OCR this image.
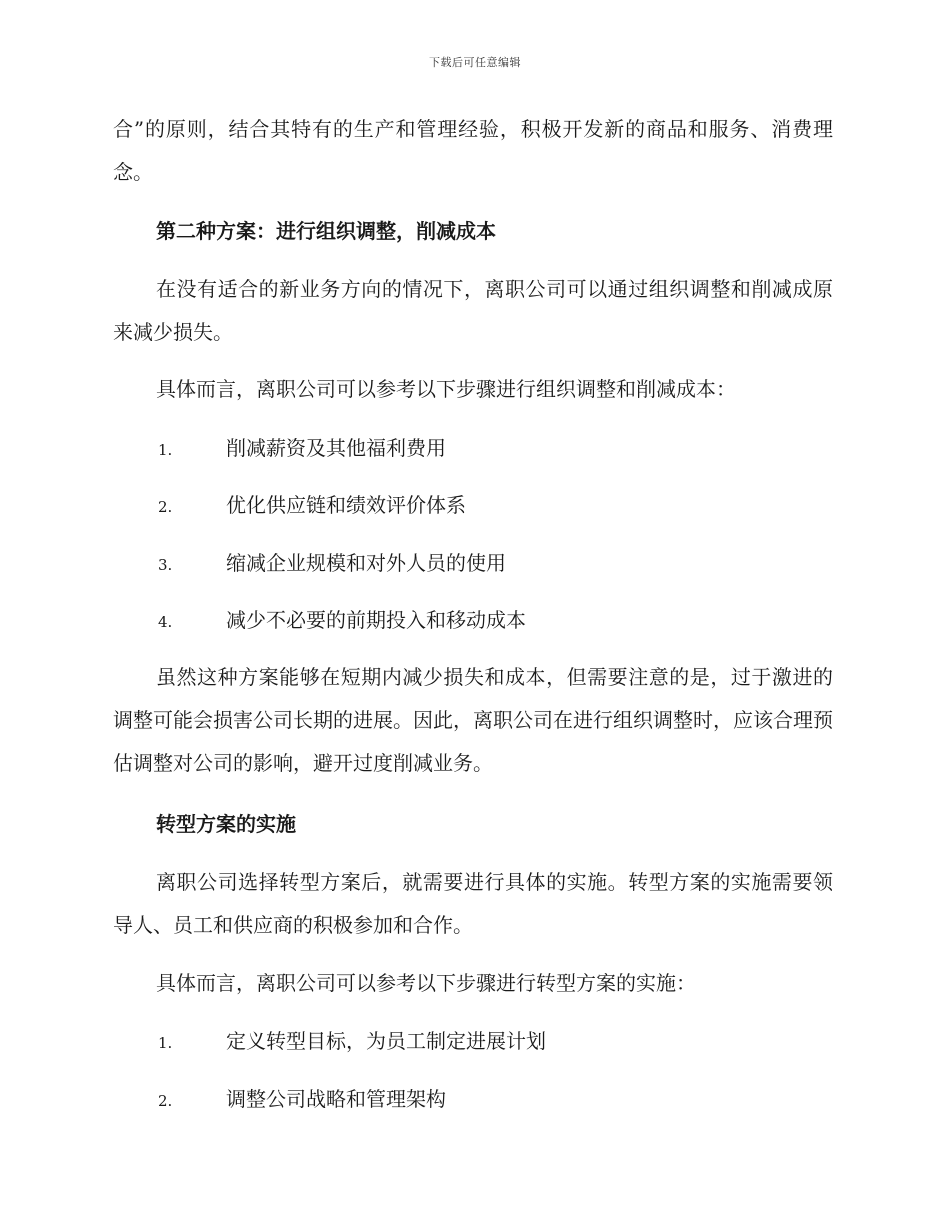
下载后可任意编辑

合”的原则，结合其特有的生产和管理经验，积极开发新的商品和服务、消费理念。

第二种方案：进行组织调整，削减成本

在没有适合的新业务方向的情况下，离职公司可以通过组织调整和削减成原来减少损失。

具体而言，离职公司可以参考以下步骤进行组织调整和削减成本：

1.	削减薪资及其他福利费用
2.	优化供应链和绩效评价体系
3.	缩减企业规模和对外人员的使用
4.	减少不必要的前期投入和移动成本

虽然这种方案能够在短期内减少损失和成本，但需要注意的是，过于激进的调整可能会损害公司长期的进展。因此，离职公司在进行组织调整时，应该合理预估调整对公司的影响，避开过度削减业务。

转型方案的实施

离职公司选择转型方案后，就需要进行具体的实施。转型方案的实施需要领导人、员工和供应商的积极参加和合作。

具体而言，离职公司可以参考以下步骤进行转型方案的实施：

1.	定义转型目标，为员工制定进展计划
2.	调整公司战略和管理架构
